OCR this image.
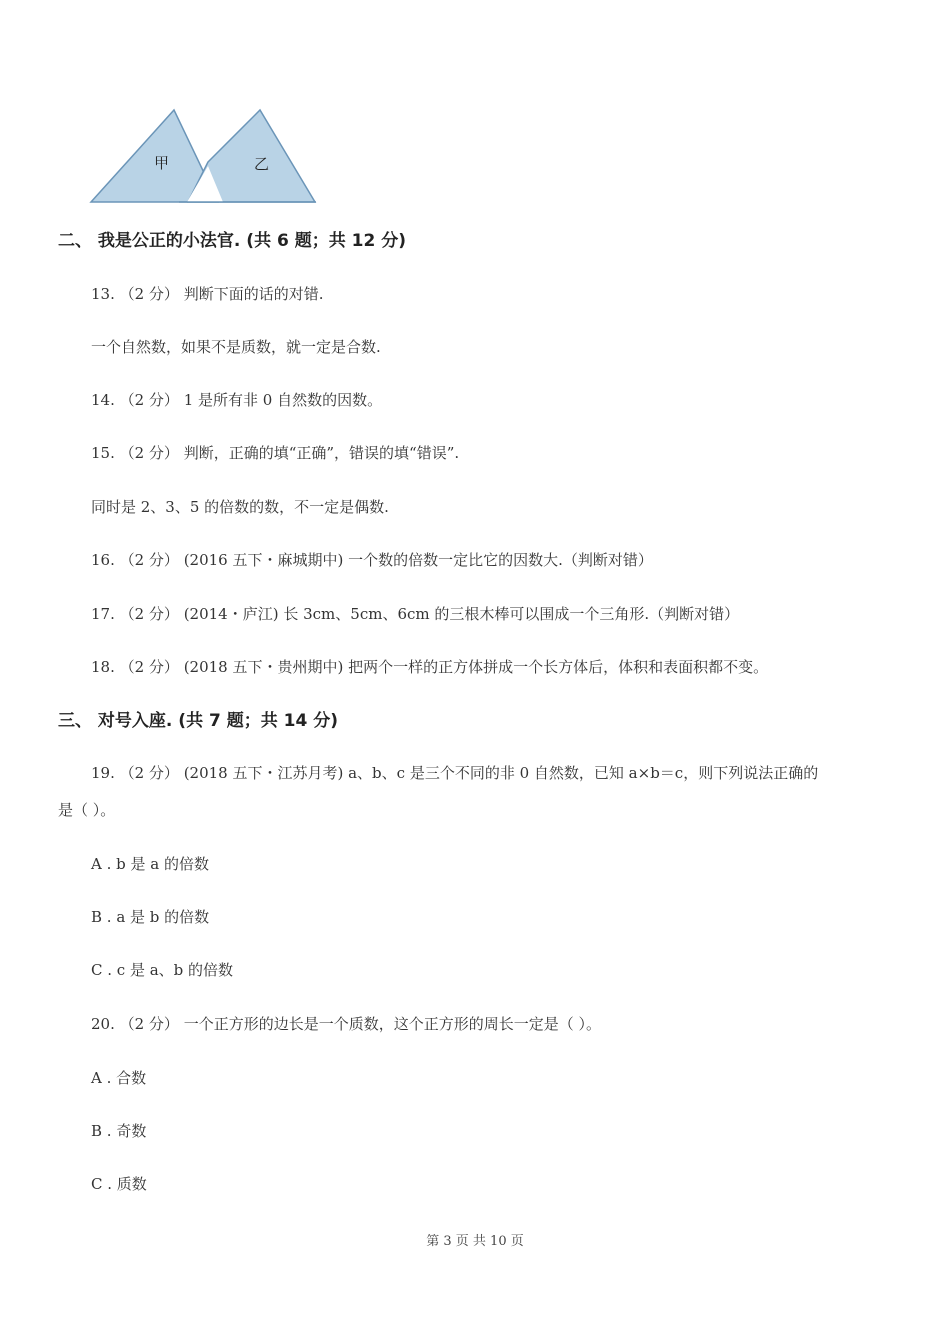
甲	乙
二、 我是公正的小法官. (共 6 题；共 12 分)
13. （2 分） 判断下面的话的对错.
一个自然数，如果不是质数，就一定是合数.
14. （2 分） 1 是所有非 0 自然数的因数。
15. （2 分） 判断，正确的填“正确”，错误的填“错误”.
同时是 2、3、5 的倍数的数，不一定是偶数.
16. （2 分） (2016 五下・麻城期中) 一个数的倍数一定比它的因数大.（判断对错）
17. （2 分） (2014・庐江) 长 3cm、5cm、6cm 的三根木棒可以围成一个三角形.（判断对错）
18. （2 分） (2018 五下・贵州期中) 把两个一样的正方体拼成一个长方体后，体积和表面积都不变。
三、 对号入座. (共 7 题；共 14 分)
19. （2 分） (2018 五下・江苏月考) a、b、c 是三个不同的非 0 自然数，已知 a×b＝c，则下列说法正确的
是（ ）。
A . b 是 a 的倍数
B . a 是 b 的倍数
C . c 是 a、b 的倍数
20. （2 分） 一个正方形的边长是一个质数，这个正方形的周长一定是（ ）。
A . 合数
B . 奇数
C . 质数
第 3 页 共 10 页
